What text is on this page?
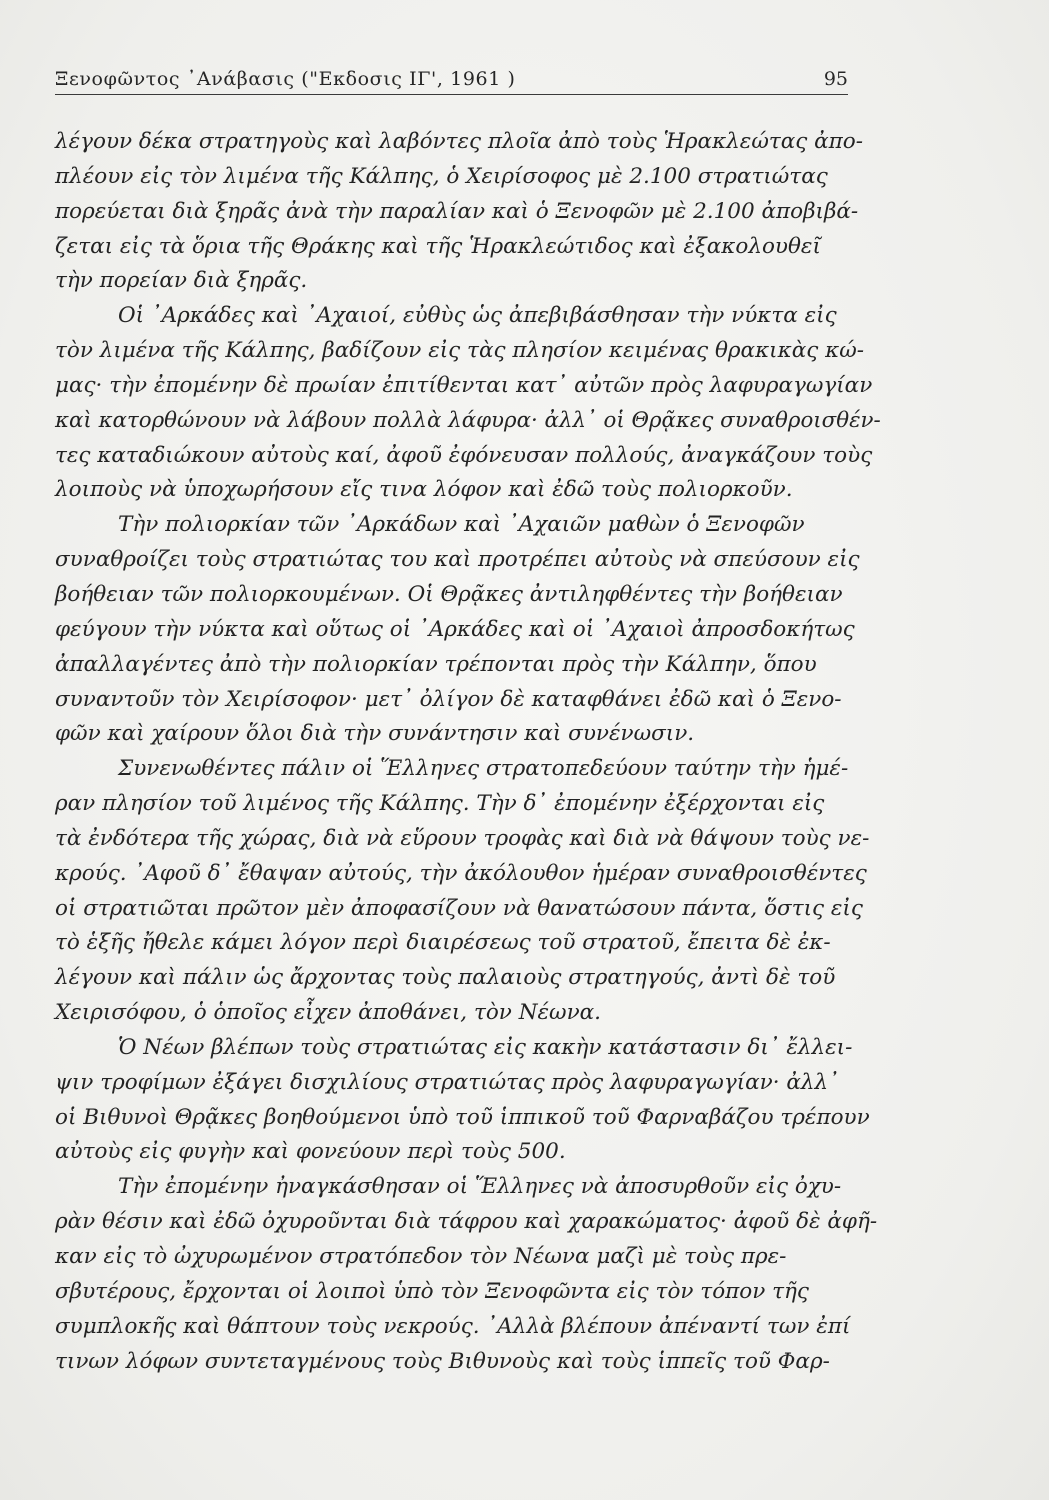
Ξενοφῶντος ᾿Ανάβασις ("Εκδοσις ΙΓ', 1961 )	95
λέγουν δέκα στρατηγοὺς καὶ λαβόντες πλοῖα ἀπὸ τοὺς Ἡρακλεώτας ἀπο-
πλέουν εἰς τὸν λιμένα τῆς Κάλπης, ὁ Χειρίσοφος μὲ 2.100 στρατιώτας
πορεύεται διὰ ξηρᾶς ἀνὰ τὴν παραλίαν καὶ ὁ Ξενοφῶν μὲ 2.100 ἀποβιβά-
ζεται εἰς τὰ ὅρια τῆς Θράκης καὶ τῆς Ἡρακλεώτιδος καὶ ἐξακολουθεῖ
τὴν πορείαν διὰ ξηρᾶς.
Οἱ ᾿Αρκάδες καὶ ᾿Αχαιοί, εὐθὺς ὡς ἀπεβιβάσθησαν τὴν νύκτα εἰς
τὸν λιμένα τῆς Κάλπης, βαδίζουν εἰς τὰς πλησίον κειμένας θρακικὰς κώ-
μας· τὴν ἐπομένην δὲ πρωίαν ἐπιτίθενται κατ᾿ αὐτῶν πρὸς λαφυραγωγίαν
καὶ κατορθώνουν νὰ λάβουν πολλὰ λάφυρα· ἀλλ᾿ οἱ Θρᾷκες συναθροισθέν-
τες καταδιώκουν αὐτοὺς καί, ἀφοῦ ἐφόνευσαν πολλούς, ἀναγκάζουν τοὺς
λοιποὺς νὰ ὑποχωρήσουν εἴς τινα λόφον καὶ ἐδῶ τοὺς πολιορκοῦν.
Τὴν πολιορκίαν τῶν ᾿Αρκάδων καὶ ᾿Αχαιῶν μαθὼν ὁ Ξενοφῶν
συναθροίζει τοὺς στρατιώτας του καὶ προτρέπει αὐτοὺς νὰ σπεύσουν εἰς
βοήθειαν τῶν πολιορκουμένων. Οἱ Θρᾷκες ἀντιληφθέντες τὴν βοήθειαν
φεύγουν τὴν νύκτα καὶ οὕτως οἱ ᾿Αρκάδες καὶ οἱ ᾿Αχαιοὶ ἀπροσδοκήτως
ἀπαλλαγέντες ἀπὸ τὴν πολιορκίαν τρέπονται πρὸς τὴν Κάλπην, ὅπου
συναντοῦν τὸν Χειρίσοφον· μετ᾿ ὀλίγον δὲ καταφθάνει ἐδῶ καὶ ὁ Ξενο-
φῶν καὶ χαίρουν ὅλοι διὰ τὴν συνάντησιν καὶ συνένωσιν.
Συνενωθέντες πάλιν οἱ Ἕλληνες στρατοπεδεύουν ταύτην τὴν ἡμέ-
ραν πλησίον τοῦ λιμένος τῆς Κάλπης. Τὴν δ᾿ ἐπομένην ἐξέρχονται εἰς
τὰ ἐνδότερα τῆς χώρας, διὰ νὰ εὕρουν τροφὰς καὶ διὰ νὰ θάψουν τοὺς νε-
κρούς. ᾿Αφοῦ δ᾿ ἔθαψαν αὐτούς, τὴν ἀκόλουθον ἡμέραν συναθροισθέντες
οἱ στρατιῶται πρῶτον μὲν ἀποφασίζουν νὰ θανατώσουν πάντα, ὅστις εἰς
τὸ ἑξῆς ἤθελε κάμει λόγον περὶ διαιρέσεως τοῦ στρατοῦ, ἔπειτα δὲ ἐκ-
λέγουν καὶ πάλιν ὡς ἄρχοντας τοὺς παλαιοὺς στρατηγούς, ἀντὶ δὲ τοῦ
Χειρισόφου, ὁ ὁποῖος εἶχεν ἀποθάνει, τὸν Νέωνα.
Ὁ Νέων βλέπων τοὺς στρατιώτας εἰς κακὴν κατάστασιν δι᾿ ἔλλει-
ψιν τροφίμων ἐξάγει δισχιλίους στρατιώτας πρὸς λαφυραγωγίαν· ἀλλ᾿
οἱ Βιθυνοὶ Θρᾷκες βοηθούμενοι ὑπὸ τοῦ ἱππικοῦ τοῦ Φαρναβάζου τρέπουν
αὐτοὺς εἰς φυγὴν καὶ φονεύουν περὶ τοὺς 500.
Τὴν ἐπομένην ἠναγκάσθησαν οἱ Ἕλληνες νὰ ἀποσυρθοῦν εἰς ὀχυ-
ρὰν θέσιν καὶ ἐδῶ ὀχυροῦνται διὰ τάφρου καὶ χαρακώματος· ἀφοῦ δὲ ἀφῆ-
καν εἰς τὸ ὠχυρωμένον στρατόπεδον τὸν Νέωνα μαζὶ μὲ τοὺς πρε-
σβυτέρους, ἔρχονται οἱ λοιποὶ ὑπὸ τὸν Ξενοφῶντα εἰς τὸν τόπον τῆς
συμπλοκῆς καὶ θάπτουν τοὺς νεκρούς. ᾿Αλλὰ βλέπουν ἀπέναντί των ἐπί
τινων λόφων συντεταγμένους τοὺς Βιθυνοὺς καὶ τοὺς ἱππεῖς τοῦ Φαρ-
